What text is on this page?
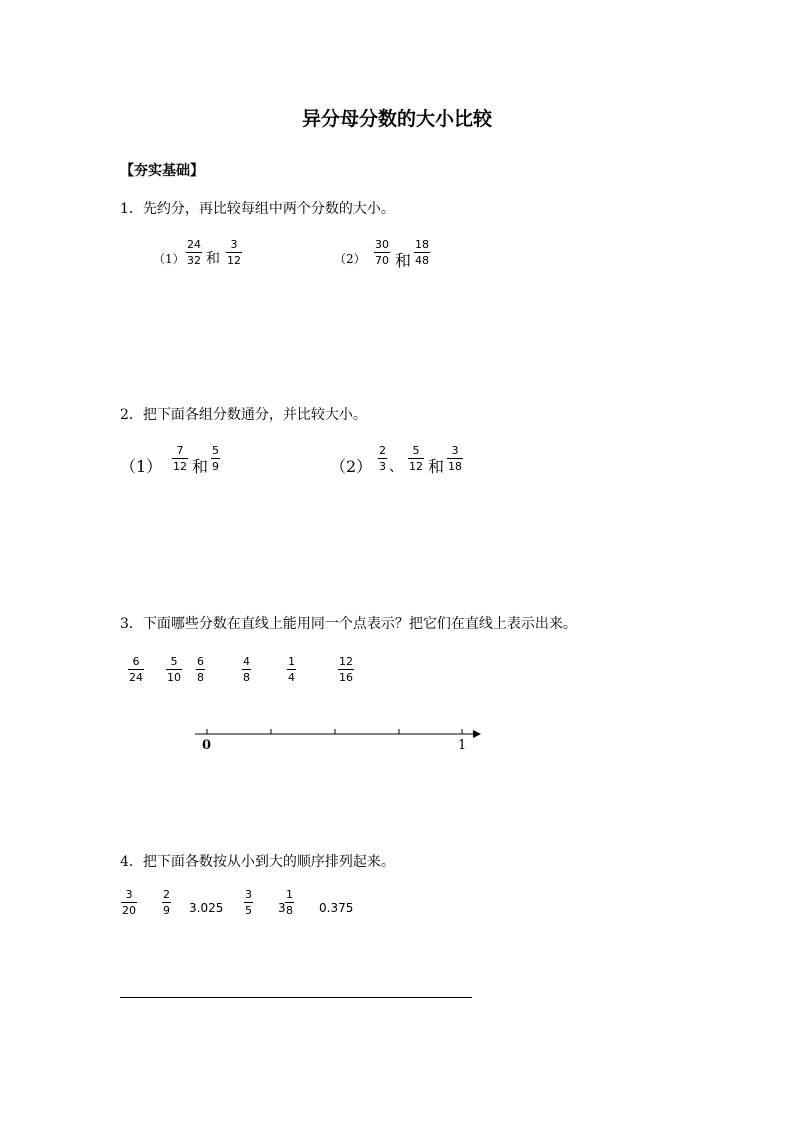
异分母分数的大小比较
【夯实基础】
1．先约分，再比较每组中两个分数的大小。
（1）
24
32 和
3
12	（2）
30
70 和
18
48
2．把下面各组分数通分，并比较大小。
（1）
7
12 和
5
9	（2）
2
3 、
5
12 和
3
18
3．下面哪些分数在直线上能用同一个点表示？把它们在直线上表示出来。
6
24
5
10
6
8
4
8
1
4
12
16
0	1
4．把下面各数按从小到大的顺序排列起来。
3
20
2
9 3.025
3
5 3
1
8 0.375
